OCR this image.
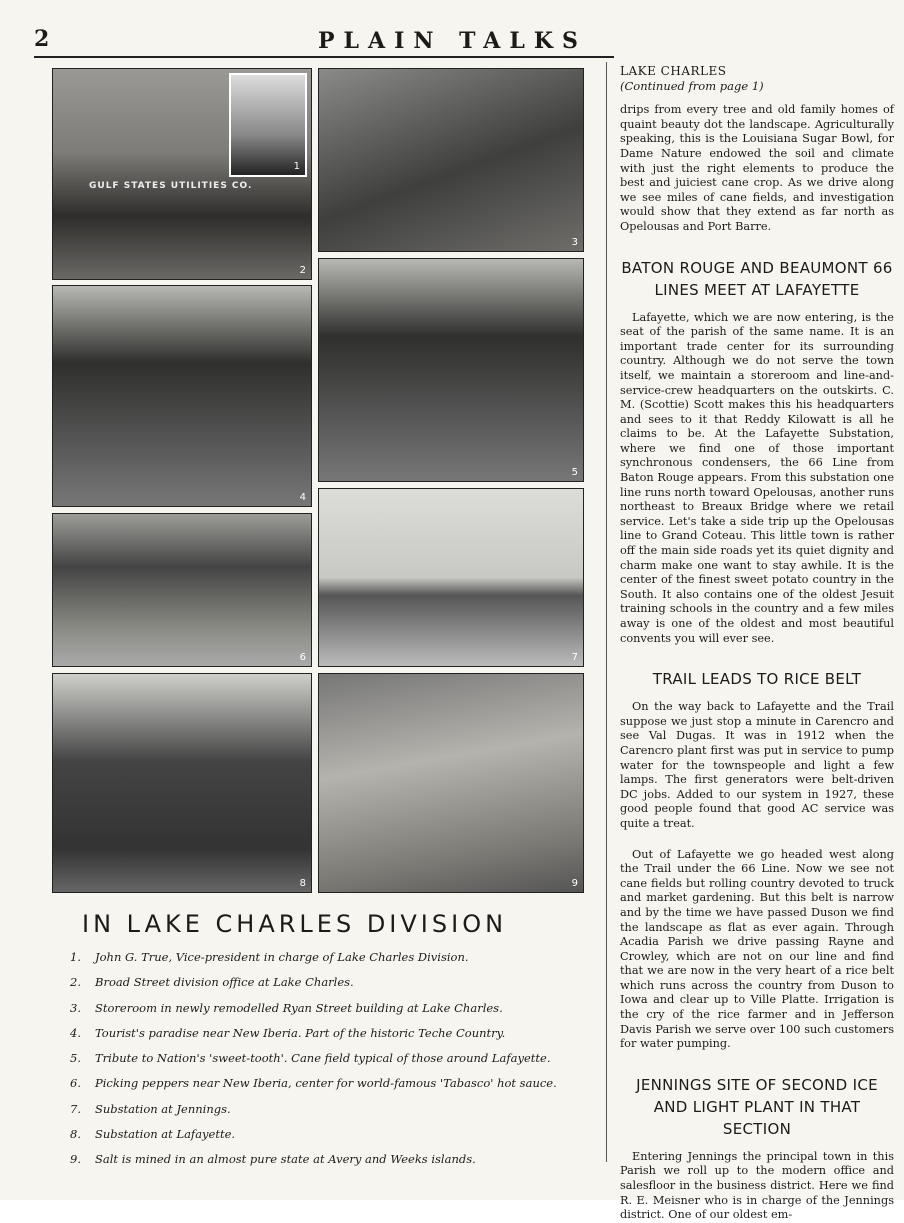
2	PLAIN TALKS
1
GULF STATES UTILITIES CO.
2
3
4
5
6	7
8	9
IN LAKE CHARLES DIVISION
1. John G. True, Vice-president in charge of Lake Charles Division.
2. Broad Street division office at Lake Charles.
3. Storeroom in newly remodelled Ryan Street building at Lake Charles.
4. Tourist's paradise near New Iberia. Part of the historic Teche Country.
5. Tribute to Nation's 'sweet-tooth'. Cane field typical of those around Lafayette.
6. Picking peppers near New Iberia, center for world-famous 'Tabasco' hot sauce.
7. Substation at Jennings.
8. Substation at Lafayette.
9. Salt is mined in an almost pure state at Avery and Weeks islands.

LAKE CHARLES

(Continued from page 1)

drips from every tree and old family homes of quaint beauty dot the landscape. Agriculturally speaking, this is the Louisiana Sugar Bowl, for Dame Nature endowed the soil and climate with just the right elements to produce the best and juiciest cane crop. As we drive along we see miles of cane fields, and investigation would show that they extend as far north as Opelousas and Port Barre.

BATON ROUGE AND BEAUMONT 66 LINES MEET AT LAFAYETTE

Lafayette, which we are now entering, is the seat of the parish of the same name. It is an important trade center for its surrounding country. Although we do not serve the town itself, we maintain a storeroom and line-and-service-crew headquarters on the outskirts. C. M. (Scottie) Scott makes this his headquarters and sees to it that Reddy Kilowatt is all he claims to be. At the Lafayette Substation, where we find one of those important synchronous condensers, the 66 Line from Baton Rouge appears. From this substation one line runs north toward Opelousas, another runs northeast to Breaux Bridge where we retail service. Let's take a side trip up the Opelousas line to Grand Coteau. This little town is rather off the main side roads yet its quiet dignity and charm make one want to stay awhile. It is the center of the finest sweet potato country in the South. It also contains one of the oldest Jesuit training schools in the country and a few miles away is one of the oldest and most beautiful convents you will ever see.

TRAIL LEADS TO RICE BELT

On the way back to Lafayette and the Trail suppose we just stop a minute in Carencro and see Val Dugas. It was in 1912 when the Carencro plant first was put in service to pump water for the townspeople and light a few lamps. The first generators were belt-driven DC jobs. Added to our system in 1927, these good people found that good AC service was quite a treat.

Out of Lafayette we go headed west along the Trail under the 66 Line. Now we see not cane fields but rolling country devoted to truck and market gardening. But this belt is narrow and by the time we have passed Duson we find the landscape as flat as ever again. Through Acadia Parish we drive passing Rayne and Crowley, which are not on our line and find that we are now in the very heart of a rice belt which runs across the country from Duson to Iowa and clear up to Ville Platte. Irrigation is the cry of the rice farmer and in Jefferson Davis Parish we serve over 100 such customers for water pumping.

JENNINGS SITE OF SECOND ICE AND LIGHT PLANT IN THAT SECTION

Entering Jennings the principal town in this Parish we roll up to the modern office and salesfloor in the business district. Here we find R. E. Meisner who is in charge of the Jennings district. One of our oldest em-
